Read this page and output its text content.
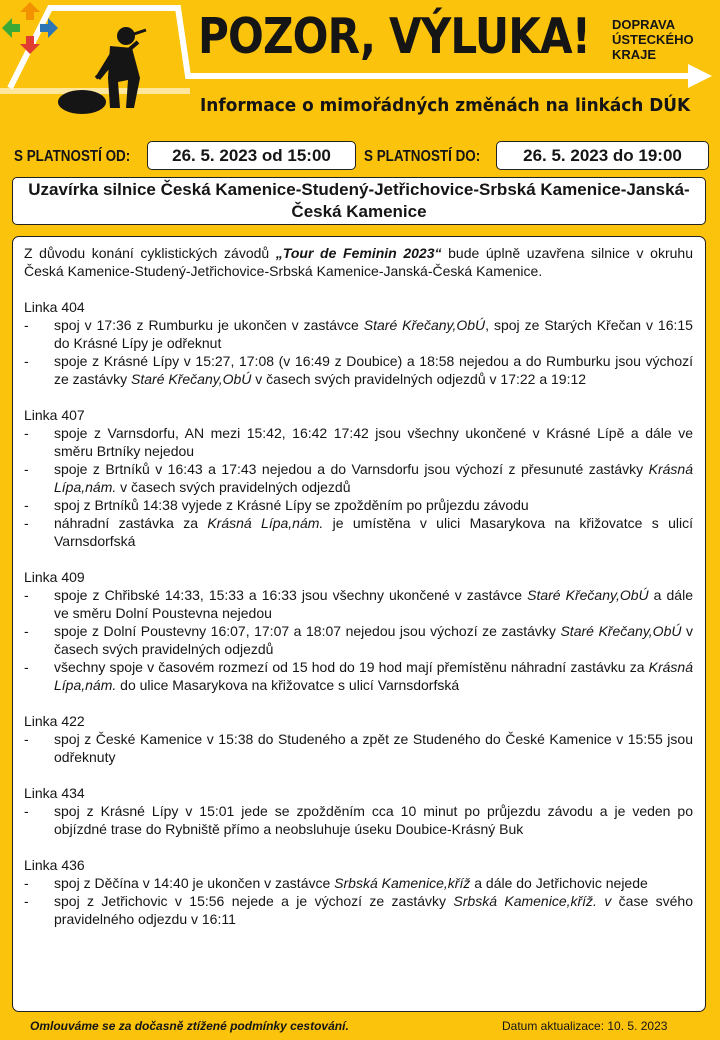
POZOR, VÝLUKA! DOPRAVA
ÚSTECKÉHO
KRAJE
Informace o mimořádných změnách na linkách DÚK
S PLATNOSTÍ OD:	26. 5. 2023 od 15:00	S PLATNOSTÍ DO:	26. 5. 2023 do 19:00
Uzavírka silnice Česká Kamenice-Studený-Jetřichovice-Srbská Kamenice-Janská-Česká Kamenice

Z důvodu konání cyklistických závodů „Tour de Feminin 2023“ bude úplně uzavřena silnice v okruhu Česká Kamenice-Studený-Jetřichovice-Srbská Kamenice-Janská-Česká Kamenice.

Linka 404

- spoj v 17:36 z Rumburku je ukončen v zastávce Staré Křečany,ObÚ, spoj ze Starých Křečan v 16:15 do Krásné Lípy je odřeknut
- spoje z Krásné Lípy v 15:27, 17:08 (v 16:49 z Doubice) a 18:58 nejedou a do Rumburku jsou výchozí ze zastávky Staré Křečany,ObÚ v časech svých pravidelných odjezdů v 17:22 a 19:12

Linka 407

- spoje z Varnsdorfu, AN mezi 15:42, 16:42 17:42 jsou všechny ukončené v Krásné Lípě a dále ve směru Brtníky nejedou
- spoje z Brtníků v 16:43 a 17:43 nejedou a do Varnsdorfu jsou výchozí z přesunuté zastávky Krásná Lípa,nám. v časech svých pravidelných odjezdů
- spoj z Brtníků 14:38 vyjede z Krásné Lípy se zpožděním po průjezdu závodu
- náhradní zastávka za Krásná Lípa,nám. je umístěna v ulici Masarykova na křižovatce s ulicí Varnsdorfská

Linka 409

- spoje z Chřibské 14:33, 15:33 a 16:33 jsou všechny ukončené v zastávce Staré Křečany,ObÚ a dále ve směru Dolní Poustevna nejedou
- spoje z Dolní Poustevny 16:07, 17:07 a 18:07 nejedou jsou výchozí ze zastávky Staré Křečany,ObÚ v časech svých pravidelných odjezdů
- všechny spoje v časovém rozmezí od 15 hod do 19 hod mají přemístěnu náhradní zastávku za Krásná Lípa,nám. do ulice Masarykova na křižovatce s ulicí Varnsdorfská

Linka 422

- spoj z České Kamenice v 15:38 do Studeného a zpět ze Studeného do České Kamenice v 15:55 jsou odřeknuty

Linka 434

- spoj z Krásné Lípy v 15:01 jede se zpožděním cca 10 minut po průjezdu závodu a je veden po objízdné trase do Rybniště přímo a neobsluhuje úseku Doubice-Krásný Buk

Linka 436

- spoj z Děčína v 14:40 je ukončen v zastávce Srbská Kamenice,kříž a dále do Jetřichovic nejede
- spoj z Jetřichovic v 15:56 nejede a je výchozí ze zastávky Srbská Kamenice,kříž. v čase svého pravidelného odjezdu v 16:11
Omlouváme se za dočasně ztížené podmínky cestování.	Datum aktualizace: 10. 5. 2023
